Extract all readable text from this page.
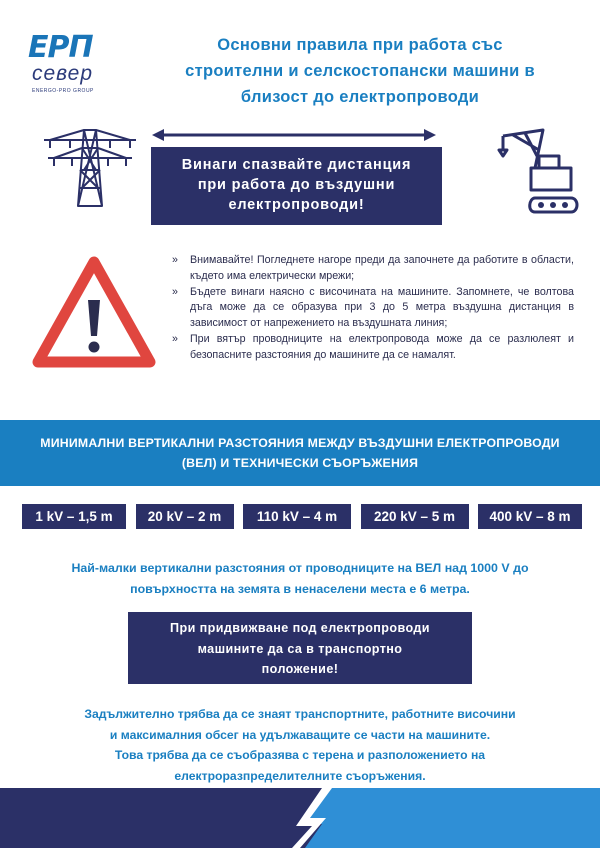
ЕРП
север
ENERGO-PRO GROUP
Основни правила при работа със
строителни и селскостопански машини в
близост до електропроводи
Винаги спазвайте дистанция
при работа до въздушни
електропроводи!
» Внимавайте! Погледнете нагоре преди да започнете да работите в области, където има електрически мрежи;
» Бъдете винаги наясно с височината на машините. Запомнете, че волтова дъга може да се образува при 3 до 5 метра въздушна дистанция в зависимост от напрежението на въздушната линия;
» При вятър проводниците на електропровода може да се разлюлеят и безопасните разстояния до машините да се намалят.
МИНИМАЛНИ ВЕРТИКАЛНИ РАЗСТОЯНИЯ МЕЖДУ ВЪЗДУШНИ ЕЛЕКТРОПРОВОДИ
(ВЕЛ) И ТЕХНИЧЕСКИ СЪОРЪЖЕНИЯ
1 kV – 1,5 m	20 kV – 2 m	110 kV – 4 m	220 kV – 5 m	400 kV – 8 m
Най-малки вертикални разстояния от проводниците на ВЕЛ над 1000 V до
повърхността на земята в ненаселени места е 6 метра.
При придвижване под електропроводи
машините да са в транспортно
положение!
Задължително трябва да се знаят транспортните, работните височини
и максималния обсег на удължаващите се части на машините.
Това трябва да се съобразява с терена и разположението на
електроразпределителните съоръжения.
